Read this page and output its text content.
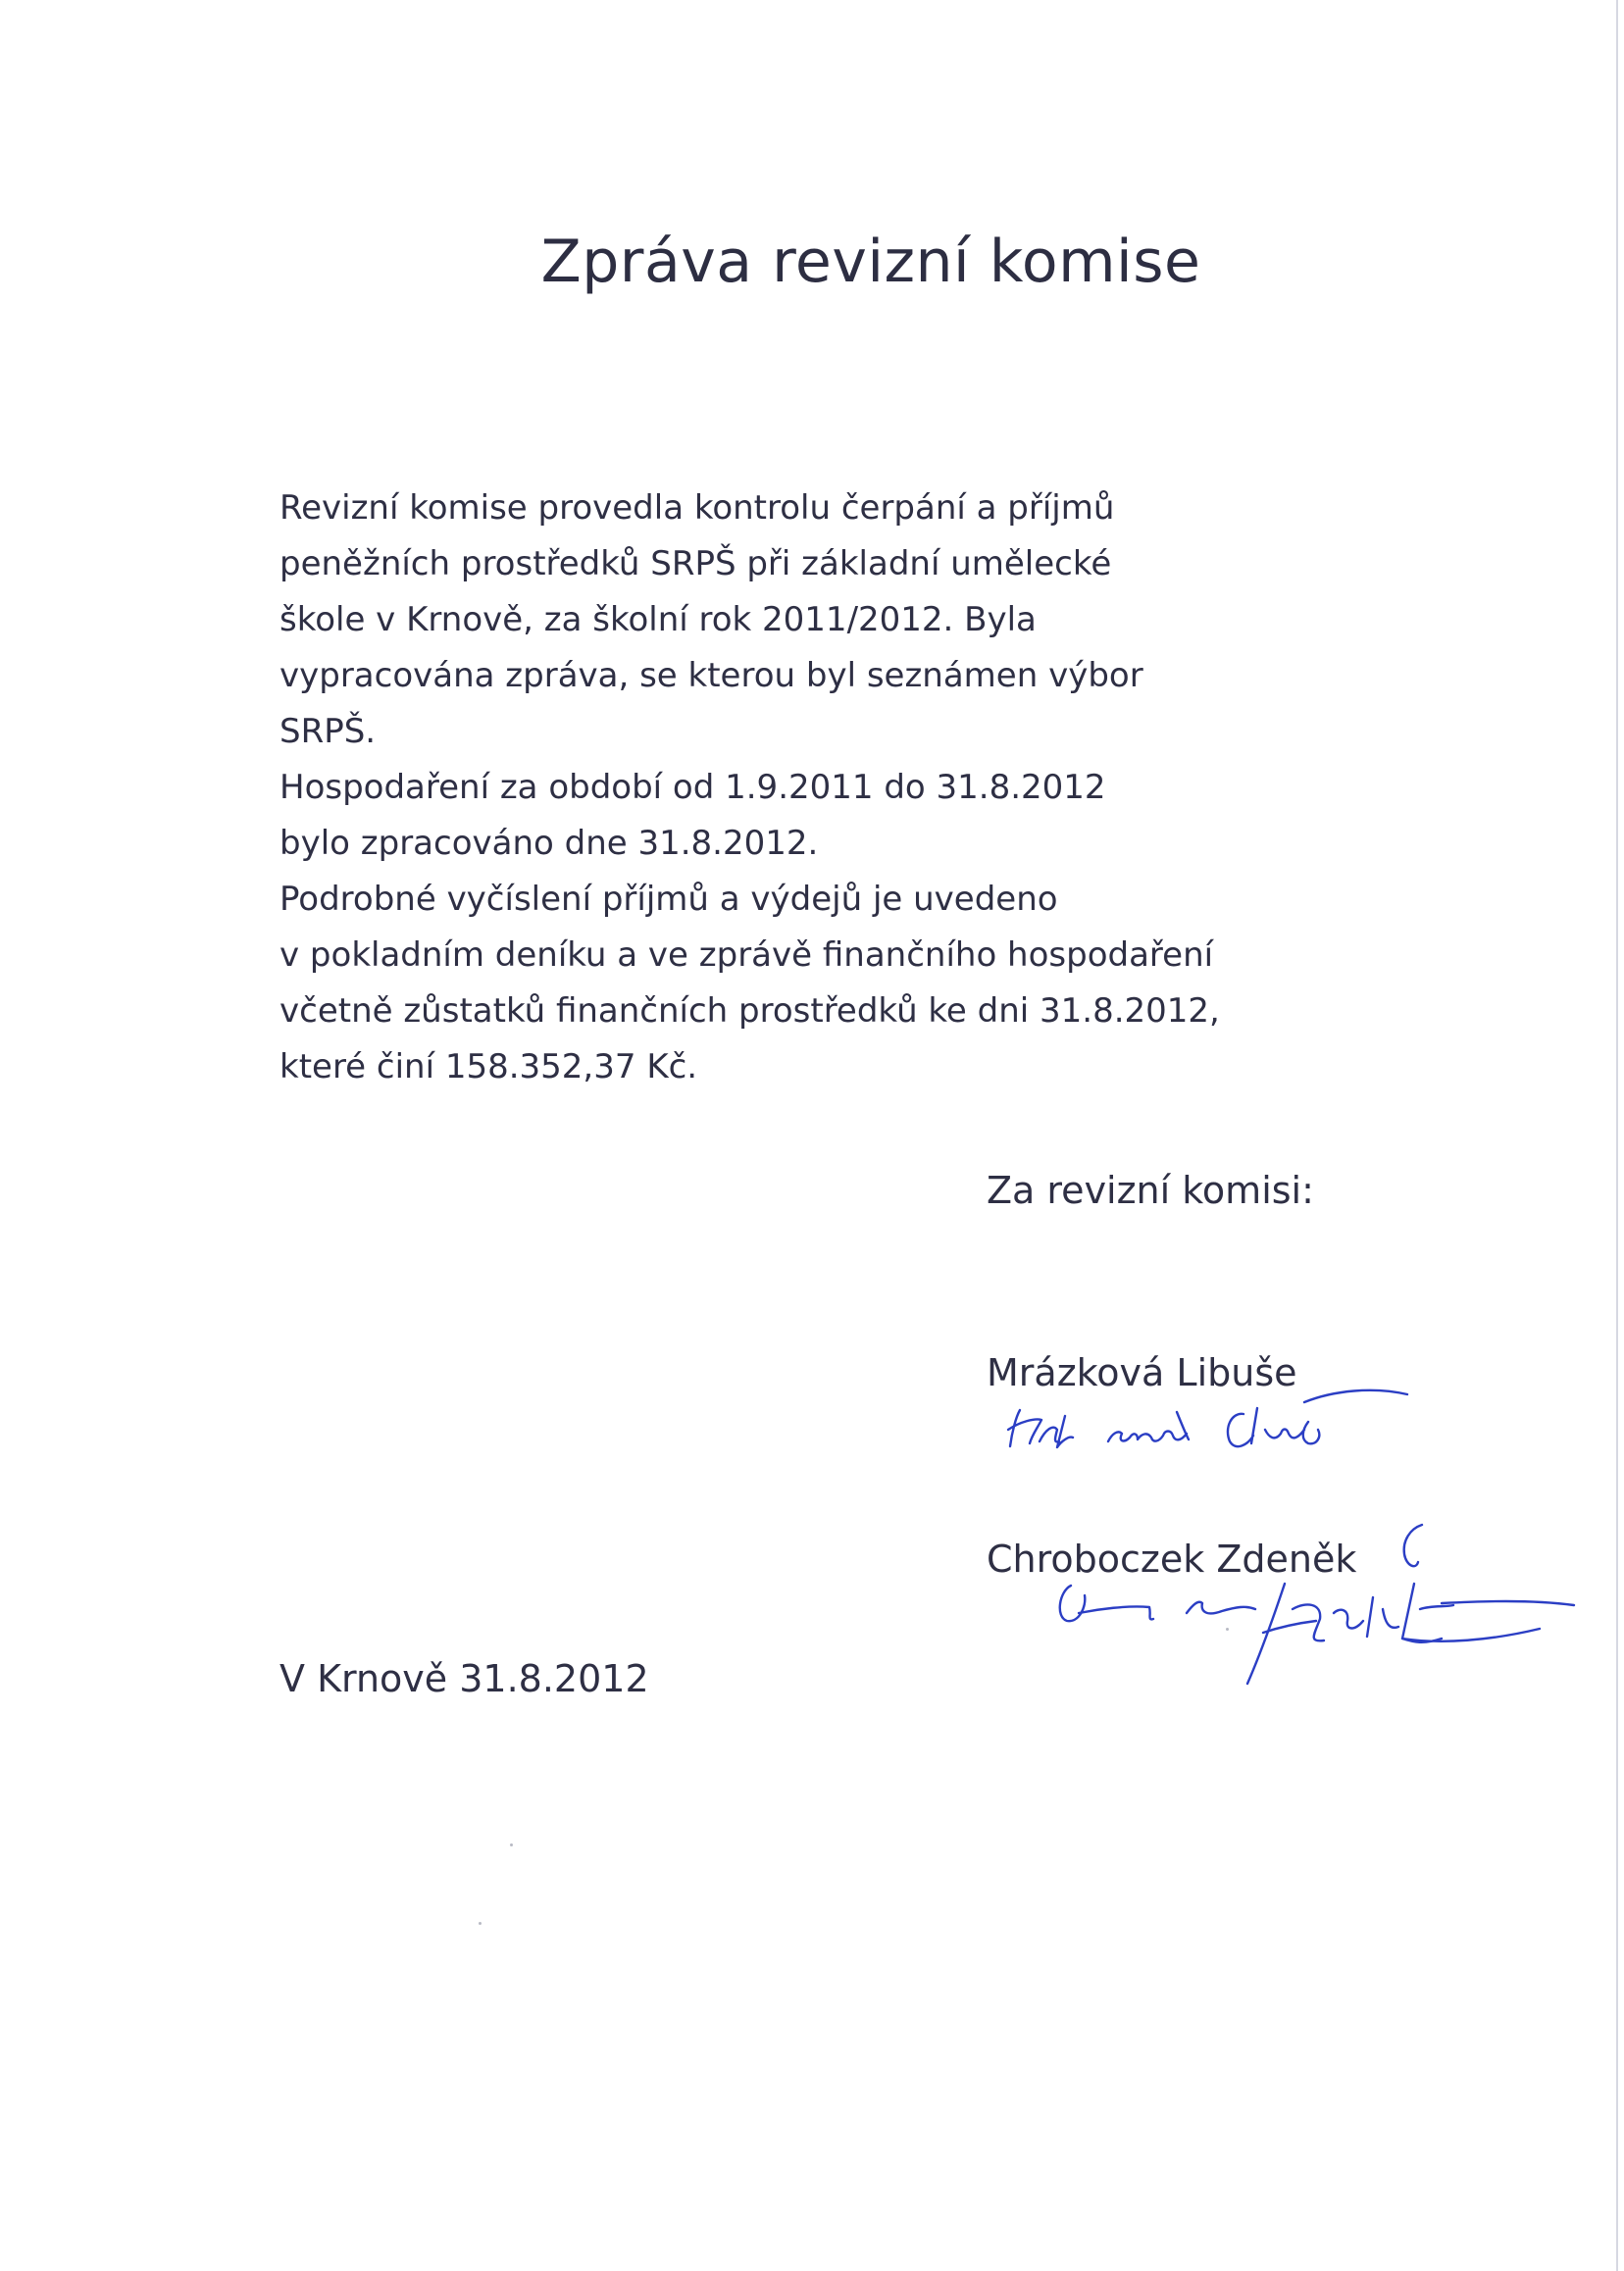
Zpráva revizní komise
Revizní komise provedla kontrolu čerpání a příjmů
peněžních prostředků SRPŠ při základní umělecké
škole v Krnově, za školní rok 2011/2012. Byla
vypracována zpráva, se kterou byl seznámen výbor
SRPŠ.
Hospodaření za období od 1.9.2011 do 31.8.2012
bylo zpracováno dne 31.8.2012.
Podrobné vyčíslení příjmů a výdejů je uvedeno
v pokladním deníku a ve zprávě finančního hospodaření
včetně zůstatků finančních prostředků ke dni 31.8.2012,
které činí 158.352,37 Kč.
Za revizní komisi:
Mrázková Libuše
Chroboczek Zdeněk
V Krnově 31.8.2012
